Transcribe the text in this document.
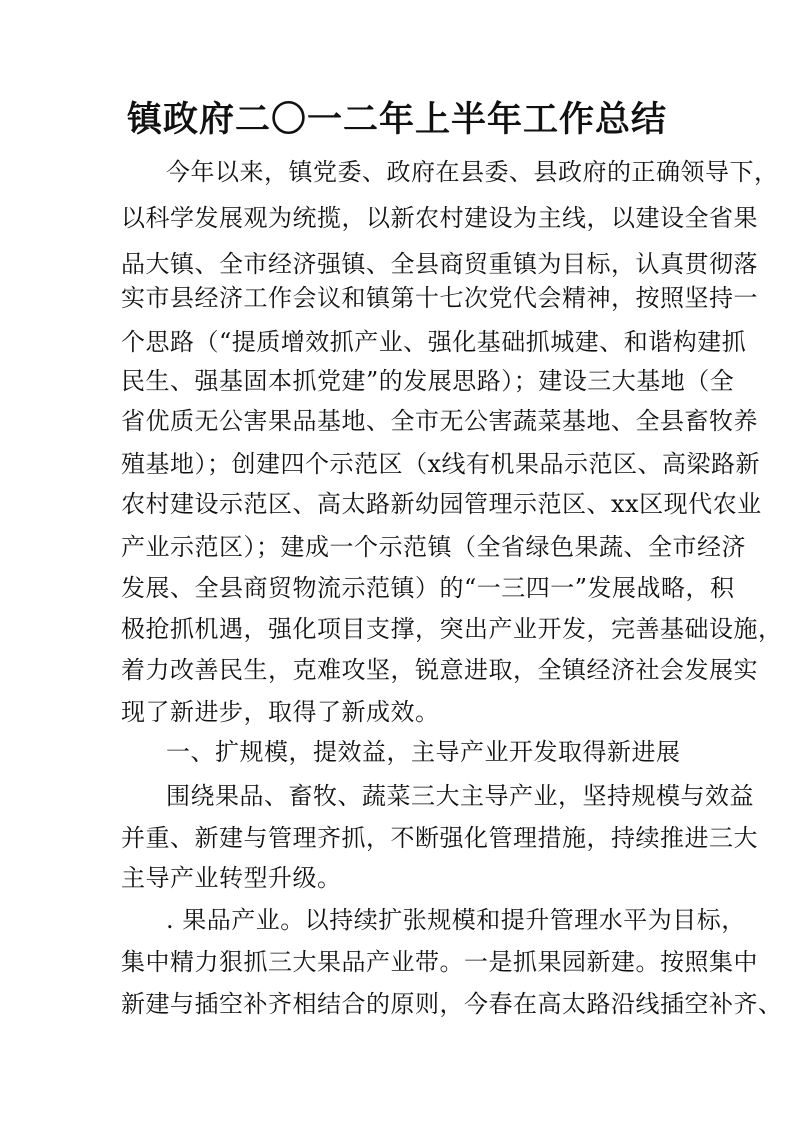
镇政府二〇一二年上半年工作总结
今年以来，镇党委、政府在县委、县政府的正确领导下，
以科学发展观为统揽，以新农村建设为主线，以建设全省果
品大镇、全市经济强镇、全县商贸重镇为目标，认真贯彻落
实市县经济工作会议和镇第十七次党代会精神，按照坚持一
个思路（“提质增效抓产业、强化基础抓城建、和谐构建抓
民生、强基固本抓党建”的发展思路）；建设三大基地（全
省优质无公害果品基地、全市无公害蔬菜基地、全县畜牧养
殖基地）；创建四个示范区（x线有机果品示范区、高梁路新
农村建设示范区、高太路新幼园管理示范区、xx区现代农业
产业示范区）；建成一个示范镇（全省绿色果蔬、全市经济
发展、全县商贸物流示范镇）的“一三四一”发展战略，积
极抢抓机遇，强化项目支撑，突出产业开发，完善基础设施，
着力改善民生，克难攻坚，锐意进取，全镇经济社会发展实
现了新进步，取得了新成效。
一、扩规模，提效益，主导产业开发取得新进展
围绕果品、畜牧、蔬菜三大主导产业，坚持规模与效益
并重、新建与管理齐抓，不断强化管理措施，持续推进三大
主导产业转型升级。
. 果品产业。以持续扩张规模和提升管理水平为目标，
集中精力狠抓三大果品产业带。一是抓果园新建。按照集中
新建与插空补齐相结合的原则，今春在高太路沿线插空补齐、
